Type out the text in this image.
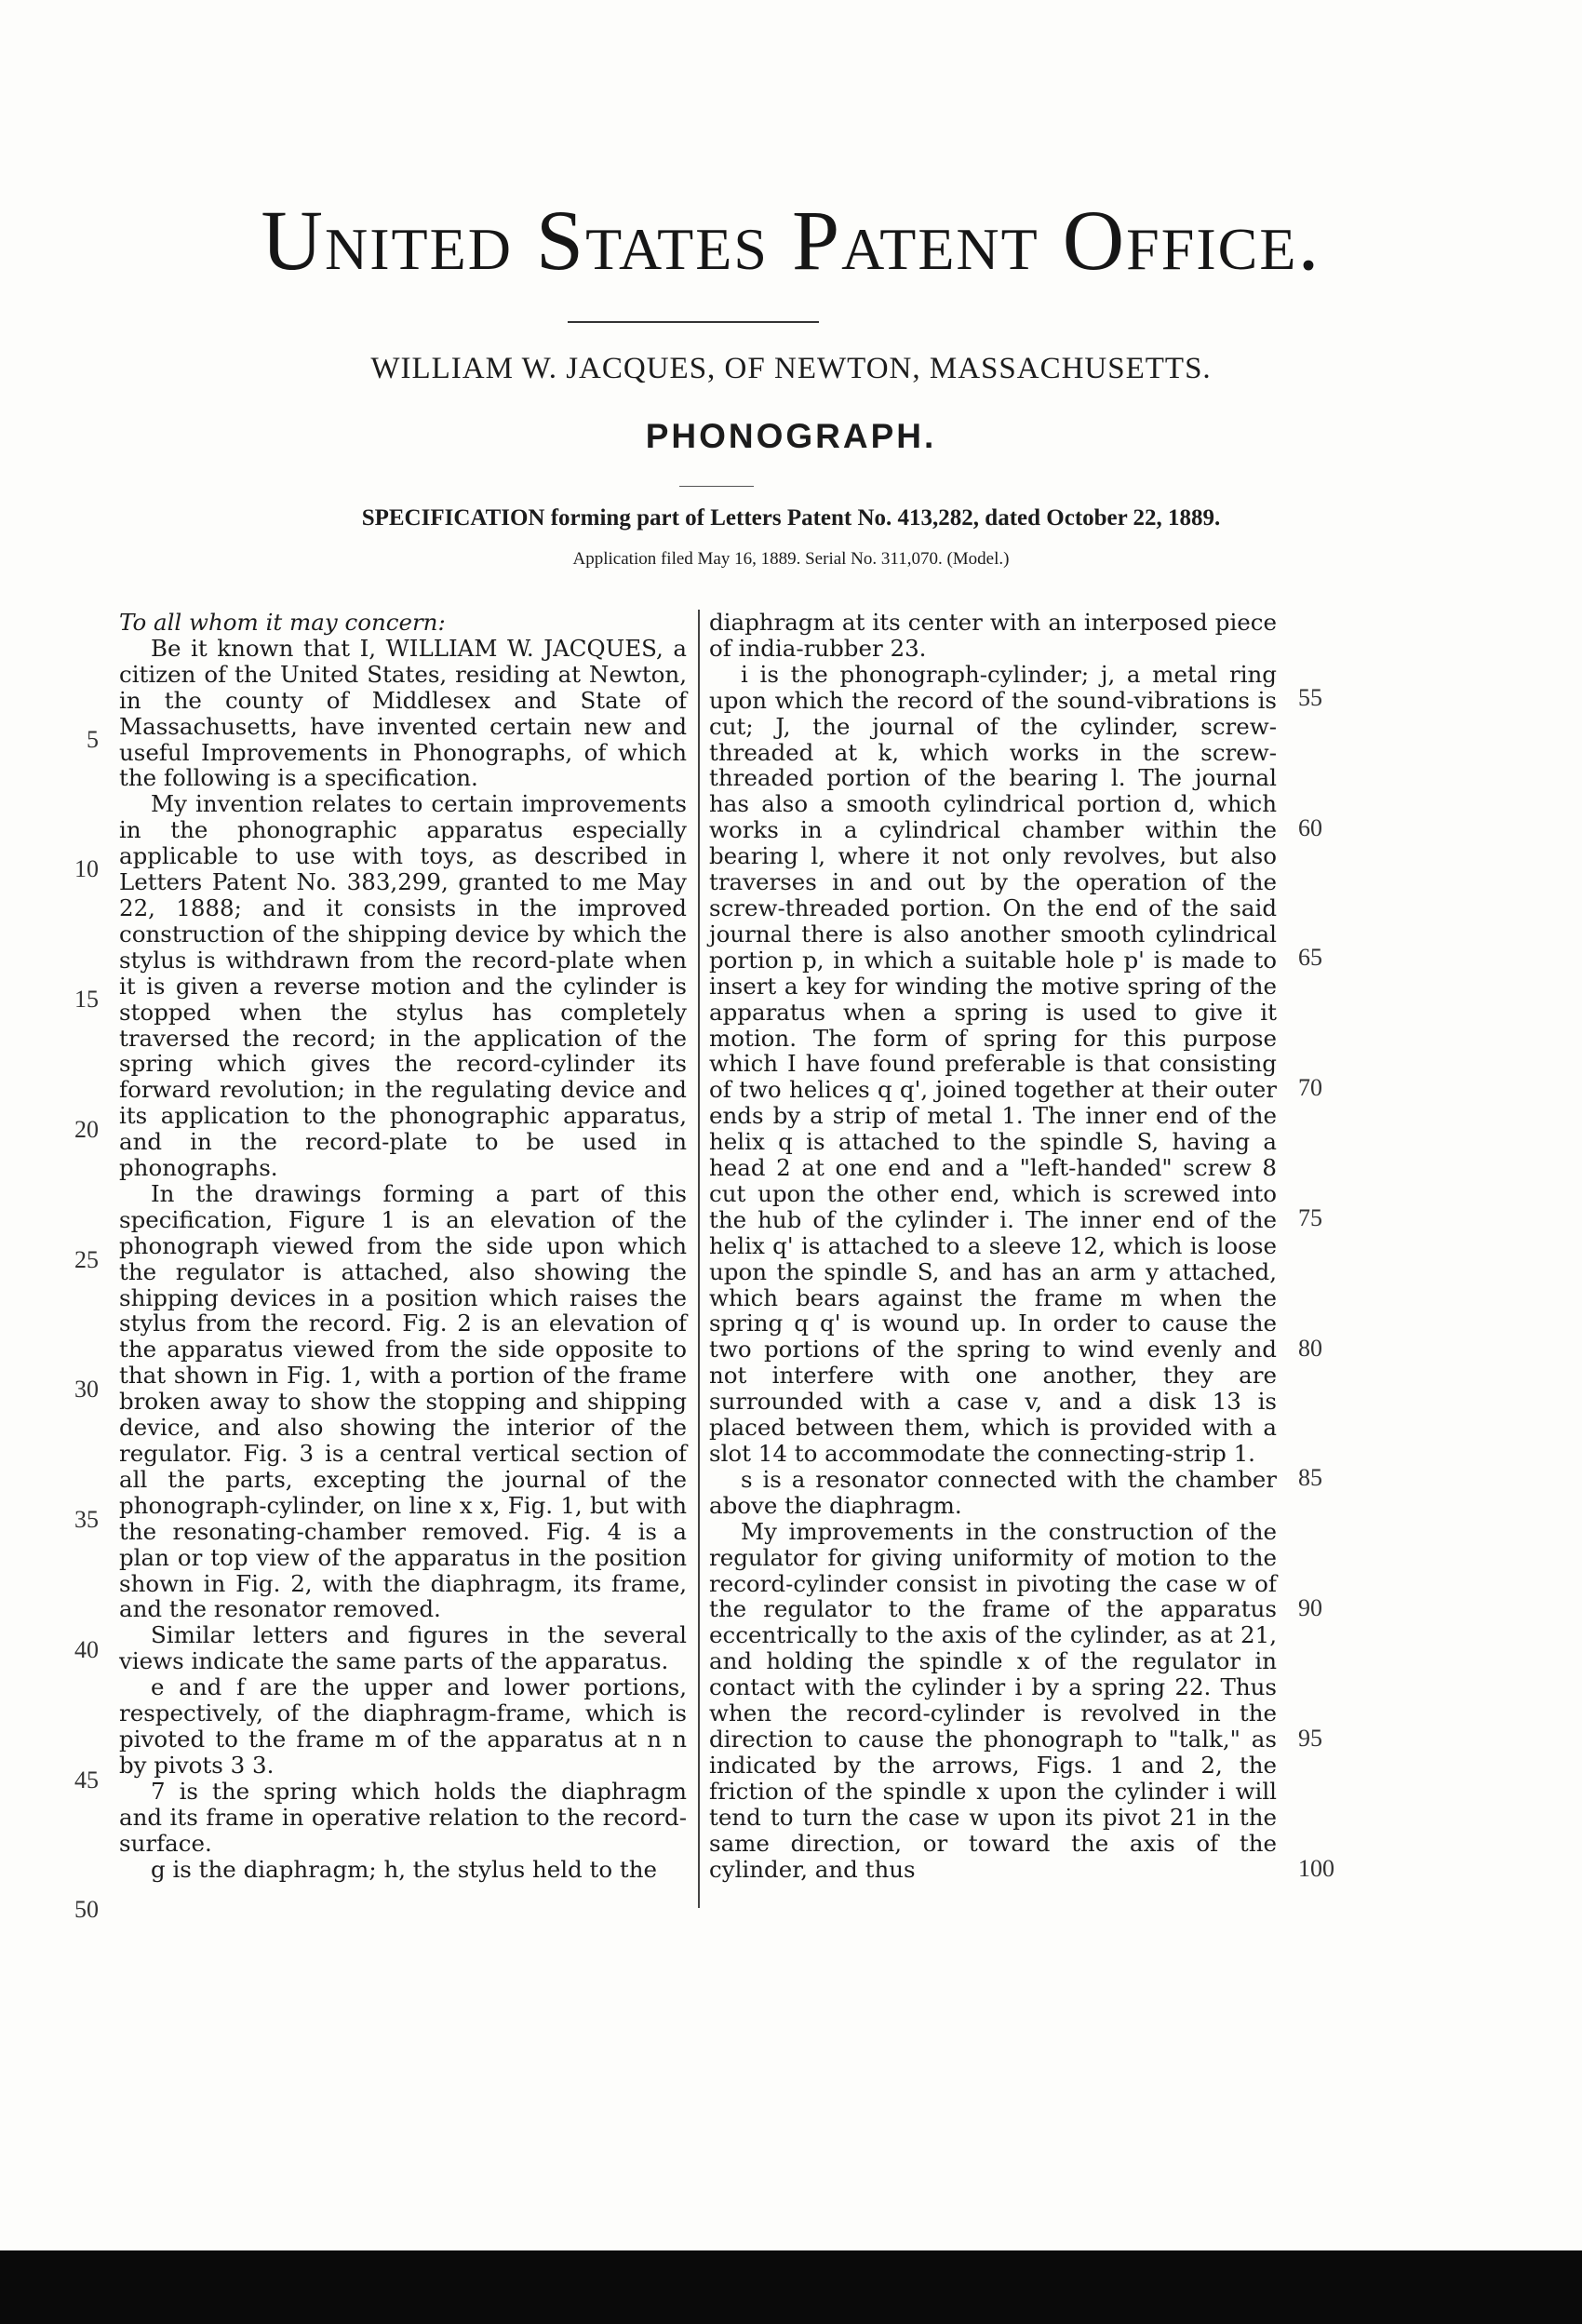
United States Patent Office.
WILLIAM W. JACQUES, OF NEWTON, MASSACHUSETTS.
PHONOGRAPH.
SPECIFICATION forming part of Letters Patent No. 413,282, dated October 22, 1889.
Application filed May 16, 1889. Serial No. 311,070. (Model.)

To all whom it may concern:

Be it known that I, WILLIAM W. JACQUES, a citizen of the United States, residing at Newton, in the county of Middlesex and State of Massachusetts, have invented certain new and useful Improvements in Phonographs, of which the following is a specification.

My invention relates to certain improvements in the phonographic apparatus especially applicable to use with toys, as described in Letters Patent No. 383,299, granted to me May 22, 1888; and it consists in the improved construction of the shipping device by which the stylus is withdrawn from the record-plate when it is given a reverse motion and the cylinder is stopped when the stylus has completely traversed the record; in the application of the spring which gives the record-cylinder its forward revolution; in the regulating device and its application to the phonographic apparatus, and in the record-plate to be used in phonographs.

In the drawings forming a part of this specification, Figure 1 is an elevation of the phonograph viewed from the side upon which the regulator is attached, also showing the shipping devices in a position which raises the stylus from the record. Fig. 2 is an elevation of the apparatus viewed from the side opposite to that shown in Fig. 1, with a portion of the frame broken away to show the stopping and shipping device, and also showing the interior of the regulator. Fig. 3 is a central vertical section of all the parts, excepting the journal of the phonograph-cylinder, on line x x, Fig. 1, but with the resonating-chamber removed. Fig. 4 is a plan or top view of the apparatus in the position shown in Fig. 2, with the diaphragm, its frame, and the resonator removed.

Similar letters and figures in the several views indicate the same parts of the apparatus.

e and f are the upper and lower portions, respectively, of the diaphragm-frame, which is pivoted to the frame m of the apparatus at n n by pivots 3 3.

7 is the spring which holds the diaphragm and its frame in operative relation to the record-surface.

g is the diaphragm; h, the stylus held to the

diaphragm at its center with an interposed piece of india-rubber 23.

i is the phonograph-cylinder; j, a metal ring upon which the record of the sound-vibrations is cut; J, the journal of the cylinder, screw-threaded at k, which works in the screw-threaded portion of the bearing l. The journal has also a smooth cylindrical portion d, which works in a cylindrical chamber within the bearing l, where it not only revolves, but also traverses in and out by the operation of the screw-threaded portion. On the end of the said journal there is also another smooth cylindrical portion p, in which a suitable hole p' is made to insert a key for winding the motive spring of the apparatus when a spring is used to give it motion. The form of spring for this purpose which I have found preferable is that consisting of two helices q q', joined together at their outer ends by a strip of metal 1. The inner end of the helix q is attached to the spindle S, having a head 2 at one end and a "left-handed" screw 8 cut upon the other end, which is screwed into the hub of the cylinder i. The inner end of the helix q' is attached to a sleeve 12, which is loose upon the spindle S, and has an arm y attached, which bears against the frame m when the spring q q' is wound up. In order to cause the two portions of the spring to wind evenly and not interfere with one another, they are surrounded with a case v, and a disk 13 is placed between them, which is provided with a slot 14 to accommodate the connecting-strip 1.

s is a resonator connected with the chamber above the diaphragm.

My improvements in the construction of the regulator for giving uniformity of motion to the record-cylinder consist in pivoting the case w of the regulator to the frame of the apparatus eccentrically to the axis of the cylinder, as at 21, and holding the spindle x of the regulator in contact with the cylinder i by a spring 22. Thus when the record-cylinder is revolved in the direction to cause the phonograph to "talk," as indicated by the arrows, Figs. 1 and 2, the friction of the spindle x upon the cylinder i will tend to turn the case w upon its pivot 21 in the same direction, or toward the axis of the cylinder, and thus

5
10
15
20
25
30
35
40
45
50
55
60
65
70
75
80
85
90
95
100
